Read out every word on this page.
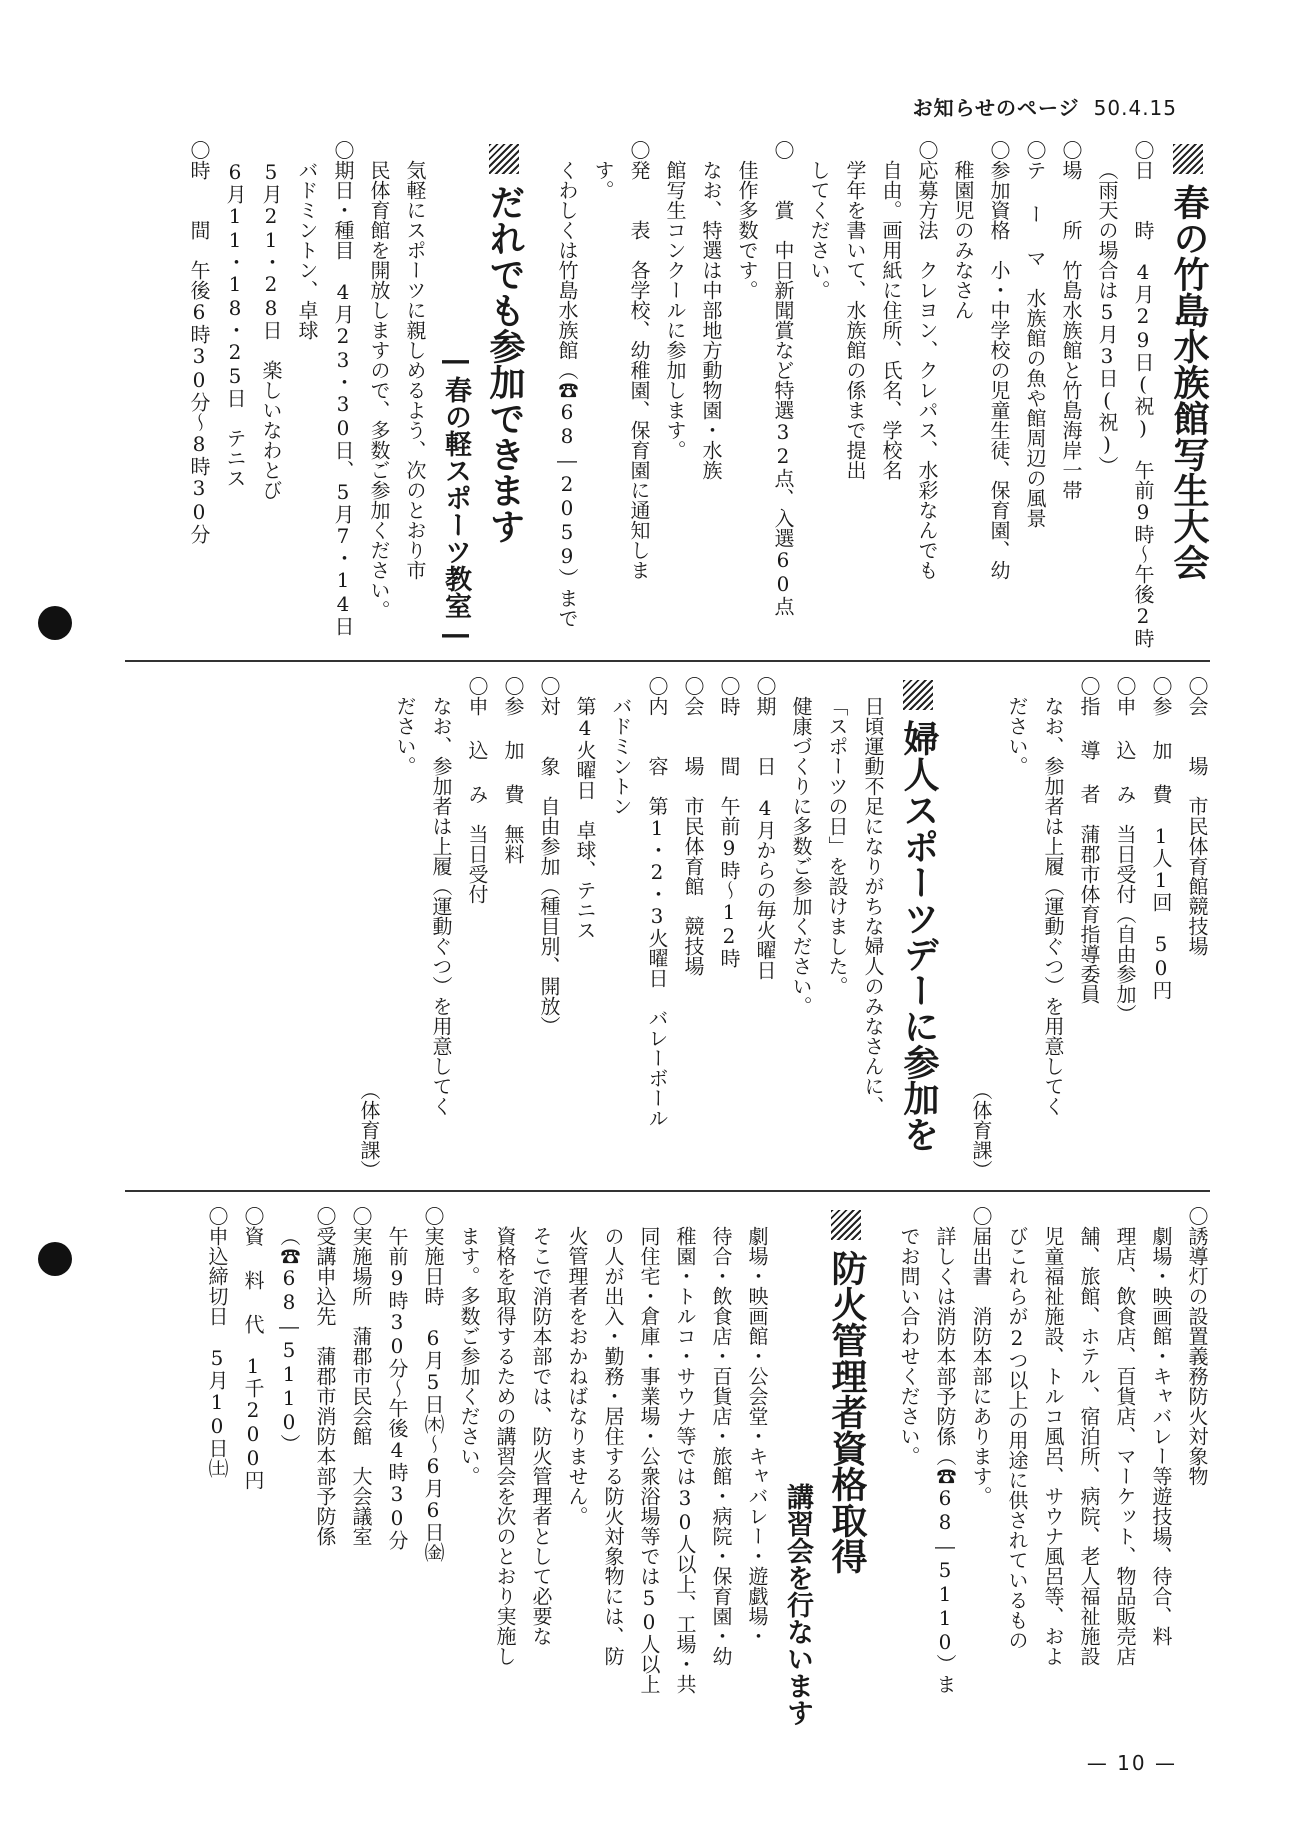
お知らせのページ 50.4.15
春の竹島水族館写生大会
〇日　　時　4月29日(祝)　午前9時～午後2時
（雨天の場合は5月3日(祝)）
〇場　　所　竹島水族館と竹島海岸一帯
〇テ ー マ　水族館の魚や館周辺の風景
〇参加資格　小・中学校の児童生徒、保育園、幼
稚園児のみなさん
〇応募方法　クレヨン、クレパス、水彩なんでも
自由。画用紙に住所、氏名、学校名
学年を書いて、水族館の係まで提出
してください。
〇　　賞　中日新聞賞など特選32点、入選60点
佳作多数です。
なお、特選は中部地方動物園・水族
館写生コンクールに参加します。
〇発　　表　各学校、幼稚園、保育園に通知しま
す。
くわしくは竹島水族館（☎68―2059）まで
だれでも参加できます
―春の軽スポーツ教室―
気軽にスポーツに親しめるよう、次のとおり市
民体育館を開放しますので、多数ご参加ください。
〇期日・種目　4月23・30日、5月7・14日
バドミントン、卓球
5月21・28日　楽しいなわとび
6月11・18・25日　テニス
〇時　　間　午後6時30分～8時30分
〇会　　場　市民体育館競技場
〇参 加 費　1人1回　50円
〇申 込 み　当日受付（自由参加）
〇指 導 者　蒲郡市体育指導委員
なお、参加者は上履（運動ぐつ）を用意してく
ださい。
（体育課）
婦人スポーツデーに参加を
日頃運動不足になりがちな婦人のみなさんに、
「スポーツの日」を設けました。
健康づくりに多数ご参加ください。
〇期　　日　4月からの毎火曜日
〇時　　間　午前9時～12時
〇会　　場　市民体育館　競技場
〇内　　容　第1・2・3火曜日　バレーボール
バドミントン
第4火曜日　卓球、テニス
〇対　　象　自由参加（種目別、開放）
〇参 加 費　無料
〇申 込 み　当日受付
なお、参加者は上履（運動ぐつ）を用意してく
ださい。
（体育課）
〇誘導灯の設置義務防火対象物
劇場・映画館・キャバレー等遊技場、待合、料
理店、飲食店、百貨店、マーケット、物品販売店
舗、旅館、ホテル、宿泊所、病院、老人福祉施設
児童福祉施設、トルコ風呂、サウナ風呂等、およ
びこれらが2つ以上の用途に供されているもの
〇届出書　消防本部にあります。
詳しくは消防本部予防係（☎68―5110）ま
でお問い合わせください。
防火管理者資格取得
講習会を行ないます
劇場・映画館・公会堂・キャバレー・遊戯場・
待合・飲食店・百貨店・旅館・病院・保育園・幼
稚園・トルコ・サウナ等では30人以上、工場・共
同住宅・倉庫・事業場・公衆浴場等では50人以上
の人が出入・勤務・居住する防火対象物には、防
火管理者をおかねばなりません。
そこで消防本部では、防火管理者として必要な
資格を取得するための講習会を次のとおり実施し
ます。多数ご参加ください。
〇実施日時　6月5日㈭～6月6日㈮
午前9時30分～午後4時30分
〇実施場所　蒲郡市民会館　大会議室
〇受講申込先　蒲郡市消防本部予防係
（☎68―5110）
〇資 料 代　1千200円
〇申込締切日　5月10日㈯
— 10 —
